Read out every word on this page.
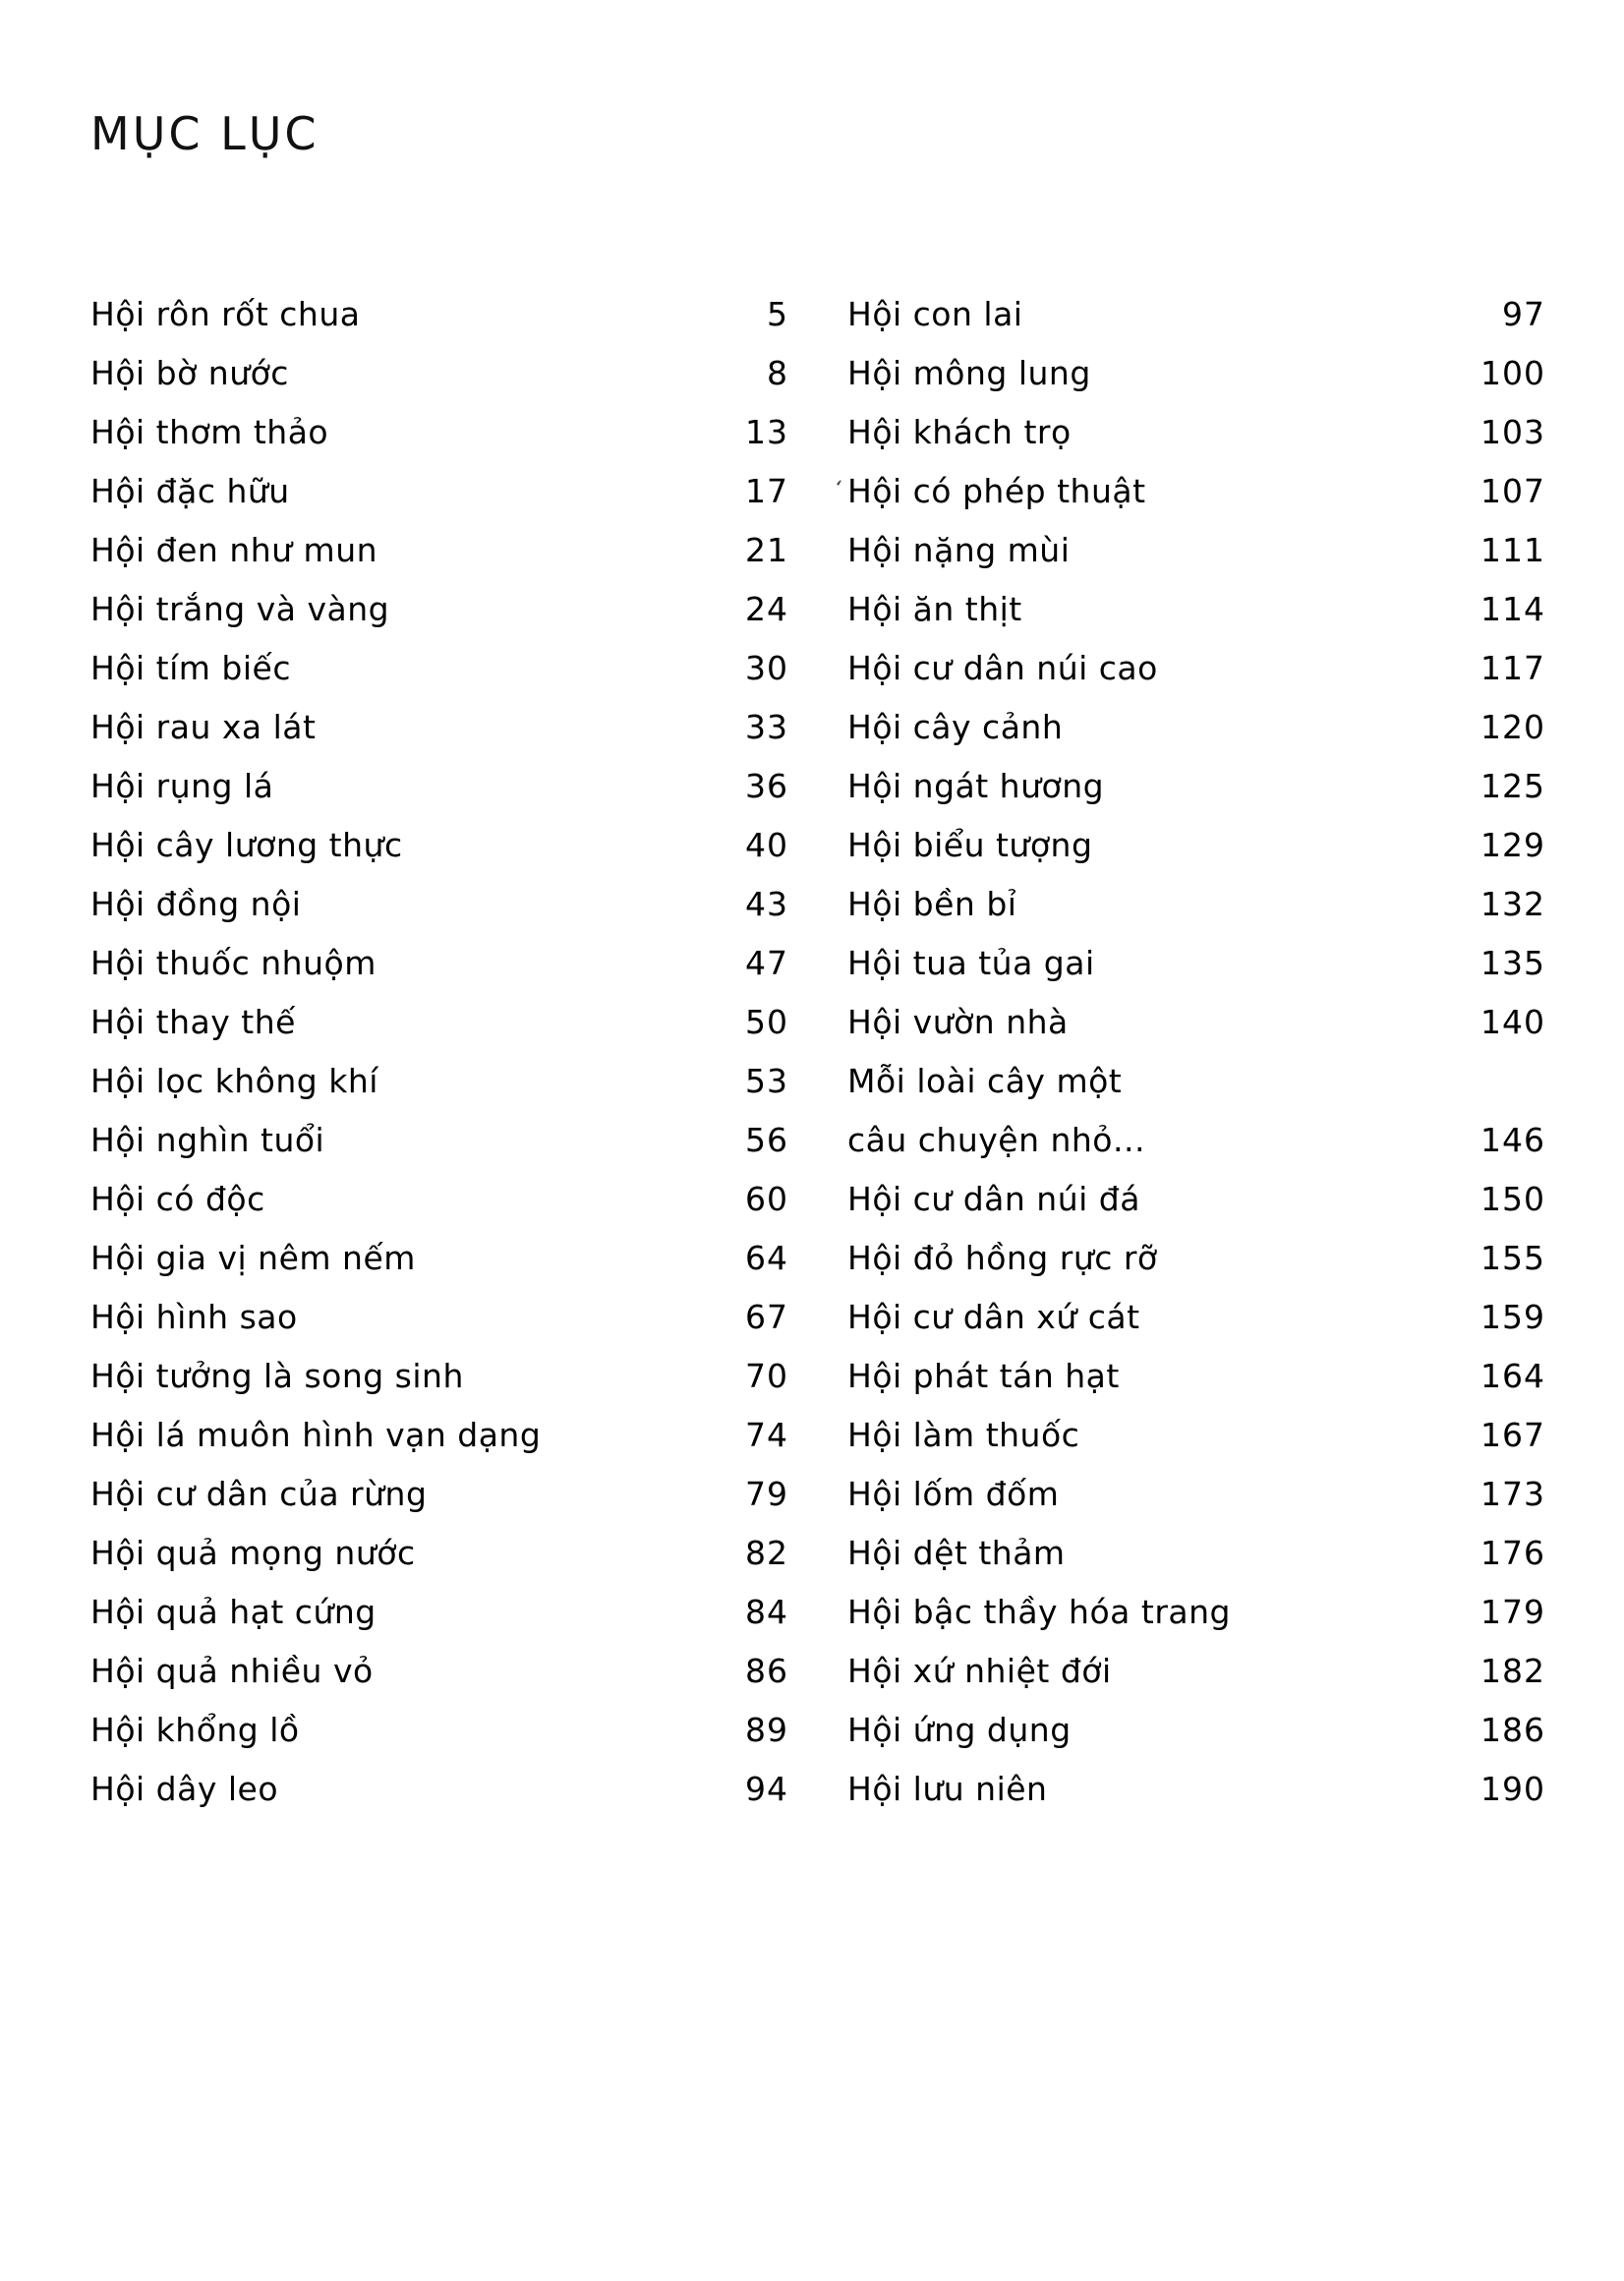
MỤC LỤC
‘
Hội rôn rốt chua	5
Hội bờ nước	8
Hội thơm thảo	13
Hội đặc hữu	17
Hội đen như mun	21
Hội trắng và vàng	24
Hội tím biếc	30
Hội rau xa lát	33
Hội rụng lá	36
Hội cây lương thực	40
Hội đồng nội	43
Hội thuốc nhuộm	47
Hội thay thế	50
Hội lọc không khí	53
Hội nghìn tuổi	56
Hội có độc	60
Hội gia vị nêm nếm	64
Hội hình sao	67
Hội tưởng là song sinh	70
Hội lá muôn hình vạn dạng	74
Hội cư dân của rừng	79
Hội quả mọng nước	82
Hội quả hạt cứng	84
Hội quả nhiều vỏ	86
Hội khổng lồ	89
Hội dây leo	94
Hội con lai	97
Hội mông lung	100
Hội khách trọ	103
Hội có phép thuật	107
Hội nặng mùi	111
Hội ăn thịt	114
Hội cư dân núi cao	117
Hội cây cảnh	120
Hội ngát hương	125
Hội biểu tượng	129
Hội bền bỉ	132
Hội tua tủa gai	135
Hội vườn nhà	140
Mỗi loài cây một
câu chuyện nhỏ...	146
Hội cư dân núi đá	150
Hội đỏ hồng rực rỡ	155
Hội cư dân xứ cát	159
Hội phát tán hạt	164
Hội làm thuốc	167
Hội lốm đốm	173
Hội dệt thảm	176
Hội bậc thầy hóa trang	179
Hội xứ nhiệt đới	182
Hội ứng dụng	186
Hội lưu niên	190
